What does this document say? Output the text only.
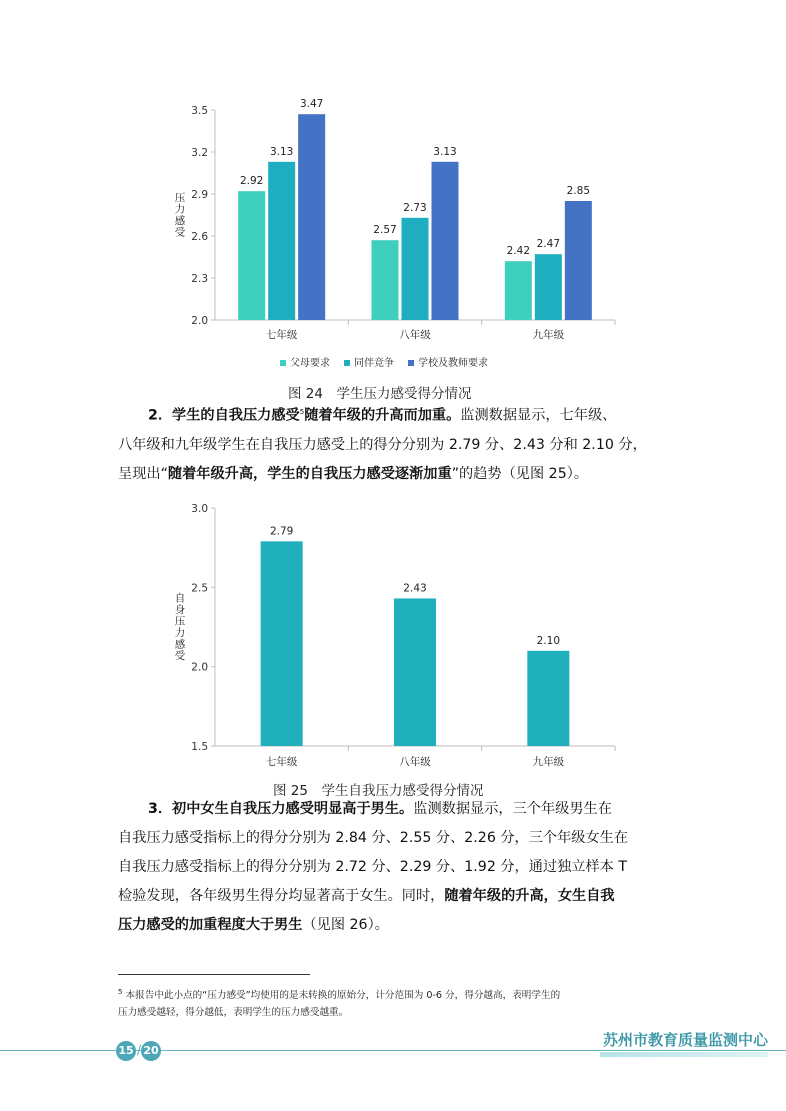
2.0
2.3
2.6
2.9
3.2
3.5
压力感受
七年级
2.92
3.13
3.47
八年级
2.57
2.73
3.13
九年级
2.42
2.47
2.85
父母要求 同伴竞争 学校及教师要求
图 24　学生压力感受得分情况
2．学生的自我压力感受$^5$随着年级的升高而加重。监测数据显示，七年级、
八年级和九年级学生在自我压力感受上的得分分别为 2.79 分、2.43 分和 2.10 分，
呈现出“随着年级升高，学生的自我压力感受逐渐加重”的趋势（见图 25）。
1.5
2.0
2.5
3.0
自身压力感受
七年级
2.79
八年级
2.43
九年级
2.10
图 25　学生自我压力感受得分情况
3．初中女生自我压力感受明显高于男生。监测数据显示，三个年级男生在
自我压力感受指标上的得分分别为 2.84 分、2.55 分、2.26 分，三个年级女生在
自我压力感受指标上的得分分别为 2.72 分、2.29 分、1.92 分，通过独立样本 T
检验发现，各年级男生得分均显著高于女生。同时，随着年级的升高，女生自我
压力感受的加重程度大于男生（见图 26）。
$^5$ 本报告中此小点的“压力感受”均使用的是未转换的原始分，计分范围为 0-6 分，得分越高，表明学生的
压力感受越轻，得分越低，表明学生的压力感受越重。
15 / 20
苏州市教育质量监测中心
